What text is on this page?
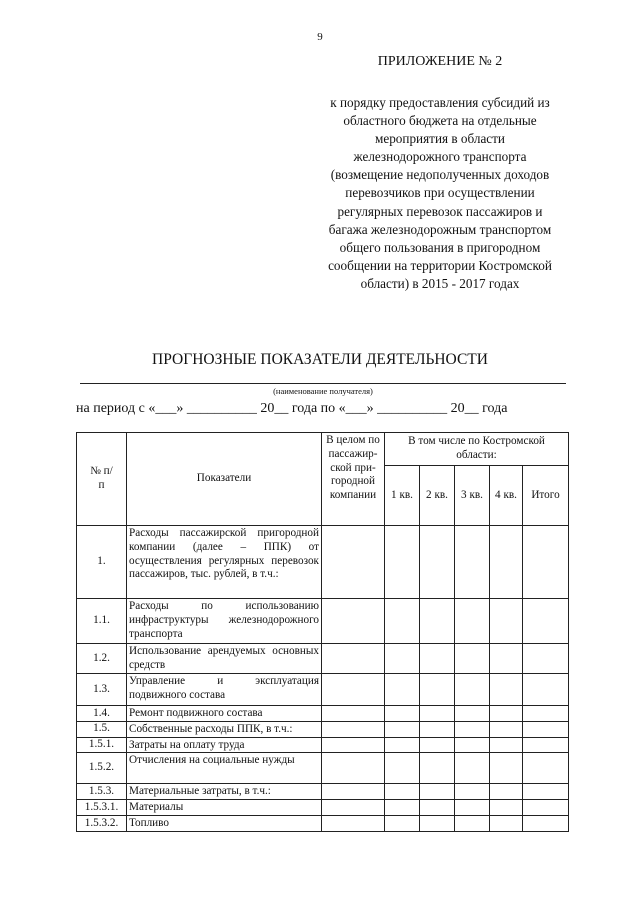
9
ПРИЛОЖЕНИЕ № 2
к порядку предоставления субсидий из
областного бюджета на отдельные
мероприятия в области
железнодорожного транспорта
(возмещение недополученных доходов
перевозчиков при осуществлении
регулярных перевозок пассажиров и
багажа железнодорожным транспортом
общего пользования в пригородном
сообщении на территории Костромской
области) в 2015 - 2017 годах
ПРОГНОЗНЫЕ ПОКАЗАТЕЛИ ДЕЯТЕЛЬНОСТИ
(наименование получателя)
на период с «___» __________ 20__ года по «___» __________ 20__ года
№ п/п	Показатели	В целом по пассажир-ской при-городной компании	В том числе по Костромской области:				
			1 кв.	2 кв.	3 кв.	4 кв.	Итого
1.	Расходы пассажирской пригородной компании (далее – ППК) от осуществления регулярных перевозок пассажиров, тыс. рублей, в т.ч.:						
1.1.	Расходы по использованию инфраструктуры железнодорожного транспорта						
1.2.	Использование арендуемых основных средств						
1.3.	Управление и эксплуатация подвижного состава						
1.4.	Ремонт подвижного состава						
1.5.	Собственные расходы ППК, в т.ч.:						
1.5.1.	Затраты на оплату труда						
1.5.2.	Отчисления на социальные нужды						
1.5.3.	Материальные затраты, в т.ч.:						
1.5.3.1.	Материалы						
1.5.3.2.	Топливо						
